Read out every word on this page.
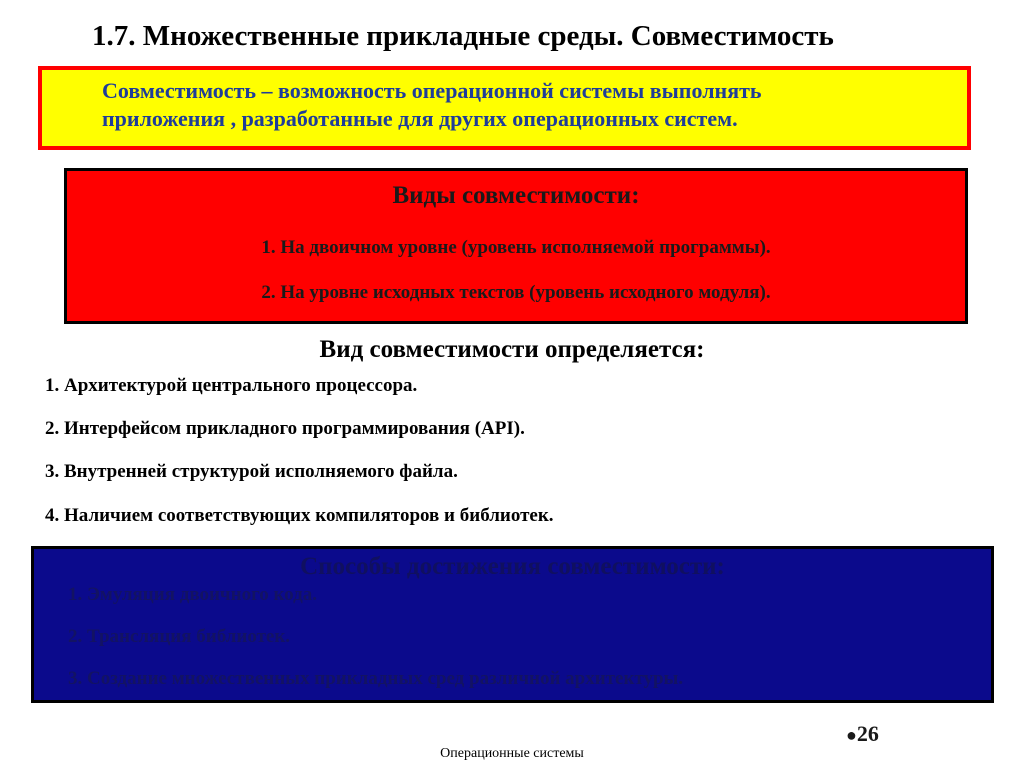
1.7. Множественные прикладные среды. Совместимость
Совместимость – возможность операционной системы выполнять
приложения , разработанные для других операционных систем.
Виды совместимости:
1. На двоичном уровне (уровень исполняемой программы).
2. На уровне исходных текстов (уровень исходного модуля).
Вид совместимости определяется:
1. Архитектурой центрального процессора.
2. Интерфейсом прикладного программирования (API).
3. Внутренней структурой исполняемого файла.
4. Наличием соответствующих компиляторов и библиотек.
Способы достижения совместимости:
1. Эмуляция двоичного кода.
2. Трансляция библиотек.
3. Создание множественных прикладных сред различной архитектуры.
●26
Операционные системы
